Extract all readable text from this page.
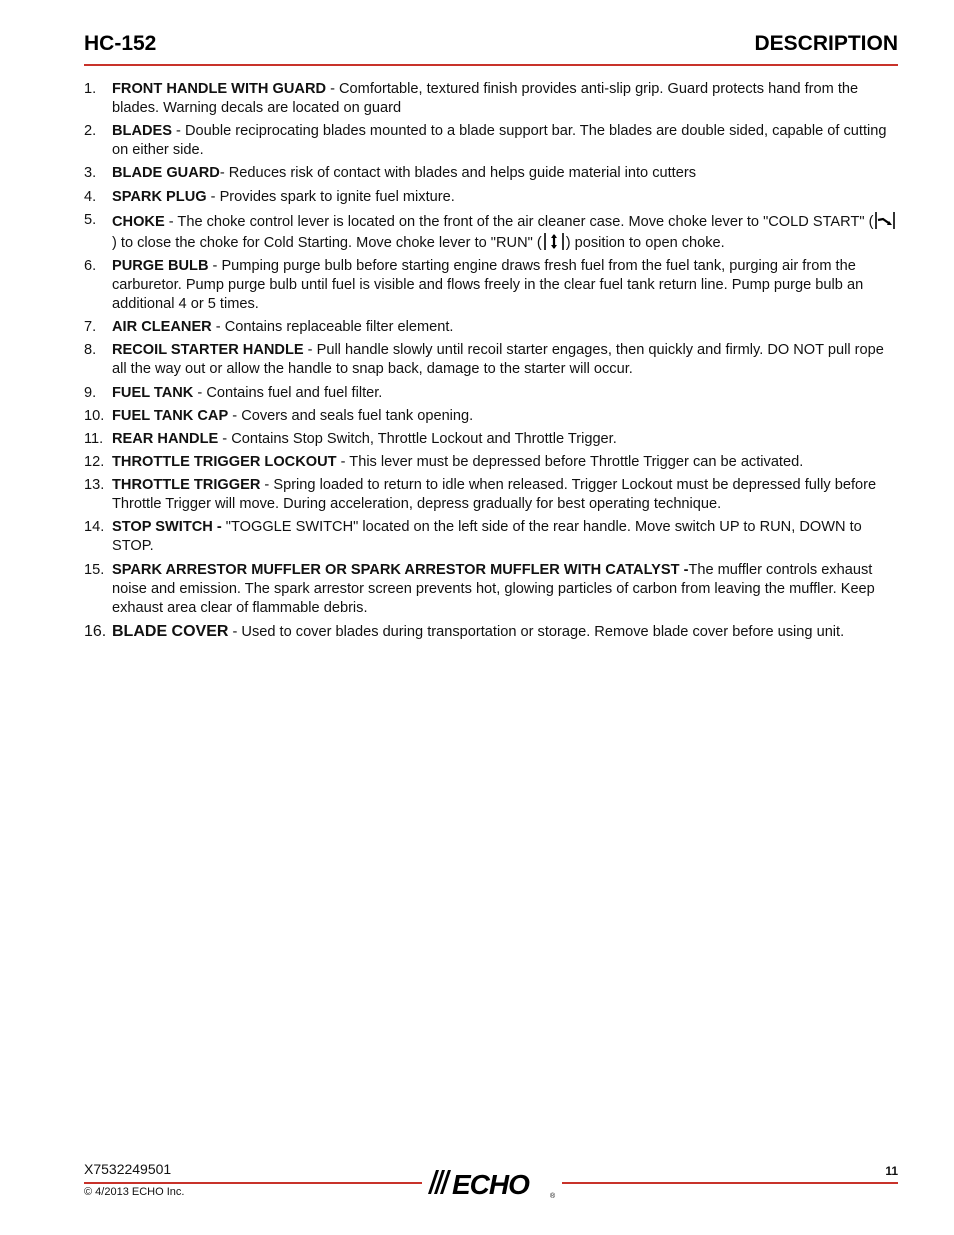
HC-152	DESCRIPTION
1. FRONT HANDLE WITH GUARD - Comfortable, textured finish provides anti-slip grip. Guard protects hand from the blades. Warning decals are located on guard
2. BLADES - Double reciprocating blades mounted to a blade support bar. The blades are double sided, capable of cutting on either side.
3. BLADE GUARD- Reduces risk of contact with blades and helps guide material into cutters
4. SPARK PLUG - Provides spark to ignite fuel mixture.
5. CHOKE - The choke control lever is located on the front of the air cleaner case. Move choke lever to "COLD START" () to close the choke for Cold Starting. Move choke lever to "RUN" ( ) position to open choke.
6. PURGE BULB - Pumping purge bulb before starting engine draws fresh fuel from the fuel tank, purging air from the carburetor. Pump purge bulb until fuel is visible and flows freely in the clear fuel tank return line. Pump purge bulb an additional 4 or 5 times.
7. AIR CLEANER - Contains replaceable filter element.
8. RECOIL STARTER HANDLE - Pull handle slowly until recoil starter engages, then quickly and firmly. DO NOT pull rope all the way out or allow the handle to snap back, damage to the starter will occur.
9. FUEL TANK - Contains fuel and fuel filter.
10. FUEL TANK CAP - Covers and seals fuel tank opening.
11. REAR HANDLE - Contains Stop Switch, Throttle Lockout and Throttle Trigger.
12. THROTTLE TRIGGER LOCKOUT - This lever must be depressed before Throttle Trigger can be activated.
13. THROTTLE TRIGGER - Spring loaded to return to idle when released. Trigger Lockout must be depressed fully before Throttle Trigger will move. During acceleration, depress gradually for best operating technique.
14. STOP SWITCH - "TOGGLE SWITCH" located on the left side of the rear handle. Move switch UP to RUN, DOWN to STOP.
15. SPARK ARRESTOR MUFFLER OR SPARK ARRESTOR MUFFLER WITH CATALYST -The muffler controls exhaust noise and emission. The spark arrestor screen prevents hot, glowing particles of carbon from leaving the muffler. Keep exhaust area clear of flammable debris.
16. BLADE COVER - Used to cover blades during transportation or storage. Remove blade cover before using unit.
X7532249501
© 4/2013 ECHO Inc.	ECHO	®
11
